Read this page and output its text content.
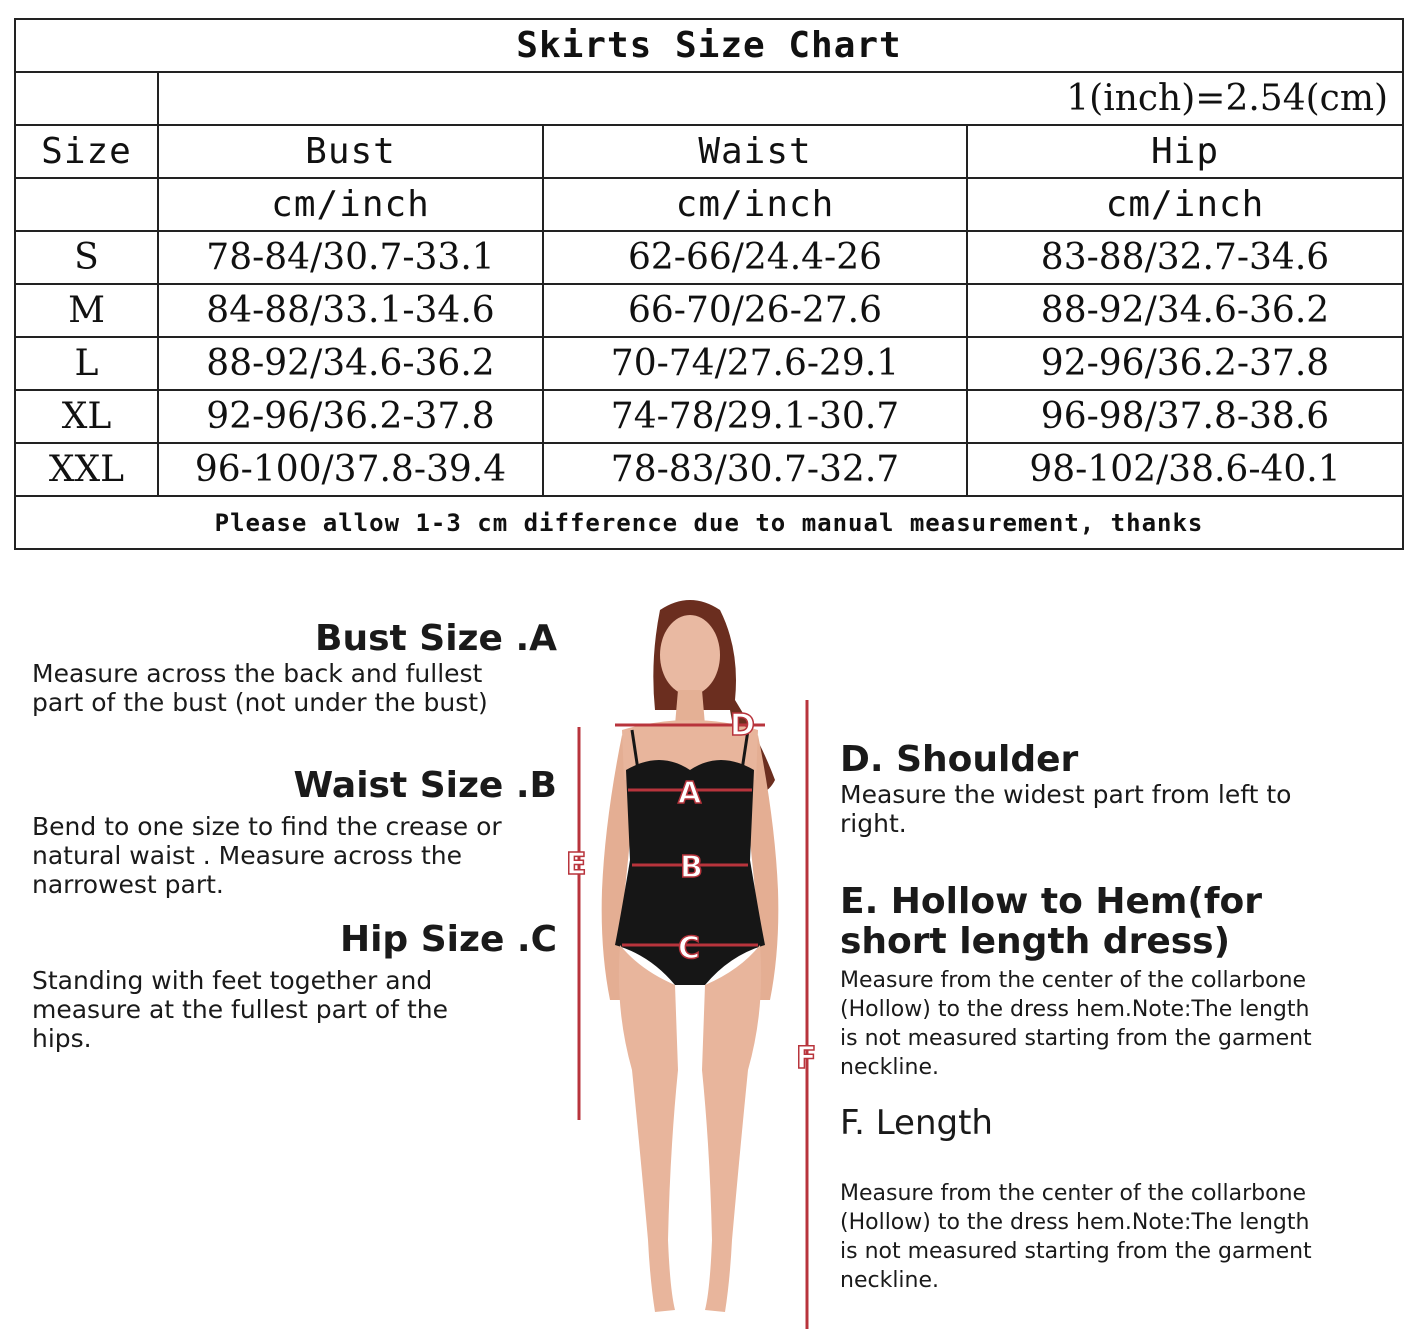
Skirts Size Chart			
	1(inch)=2.54(cm)		
Size	Bust	Waist	Hip
	cm/inch	cm/inch	cm/inch
S	78-84/30.7-33.1	62-66/24.4-26	83-88/32.7-34.6
M	84-88/33.1-34.6	66-70/26-27.6	88-92/34.6-36.2
L	88-92/34.6-36.2	70-74/27.6-29.1	92-96/36.2-37.8
XL	92-96/36.2-37.8	74-78/29.1-30.7	96-98/37.8-38.6
XXL	96-100/37.8-39.4	78-83/30.7-32.7	98-102/38.6-40.1
Please allow 1-3 cm difference due to manual measurement, thanks			
Bust Size .A
Measure across the back and fullest
part of the bust (not under the bust)
Waist Size .B
Bend to one size to find the crease or
natural waist . Measure across the
narrowest part.
Hip Size .C
Standing with feet together and
measure at the fullest part of the
hips.
D. Shoulder
Measure the widest part from left to
right.
E. Hollow to Hem(for
short length dress)
Measure from the center of the collarbone
(Hollow) to the dress hem.Note:The length
is not measured starting from the garment
neckline.
F. Length
Measure from the center of the collarbone
(Hollow) to the dress hem.Note:The length
is not measured starting from the garment
neckline.
A
B
C
D
E
F
